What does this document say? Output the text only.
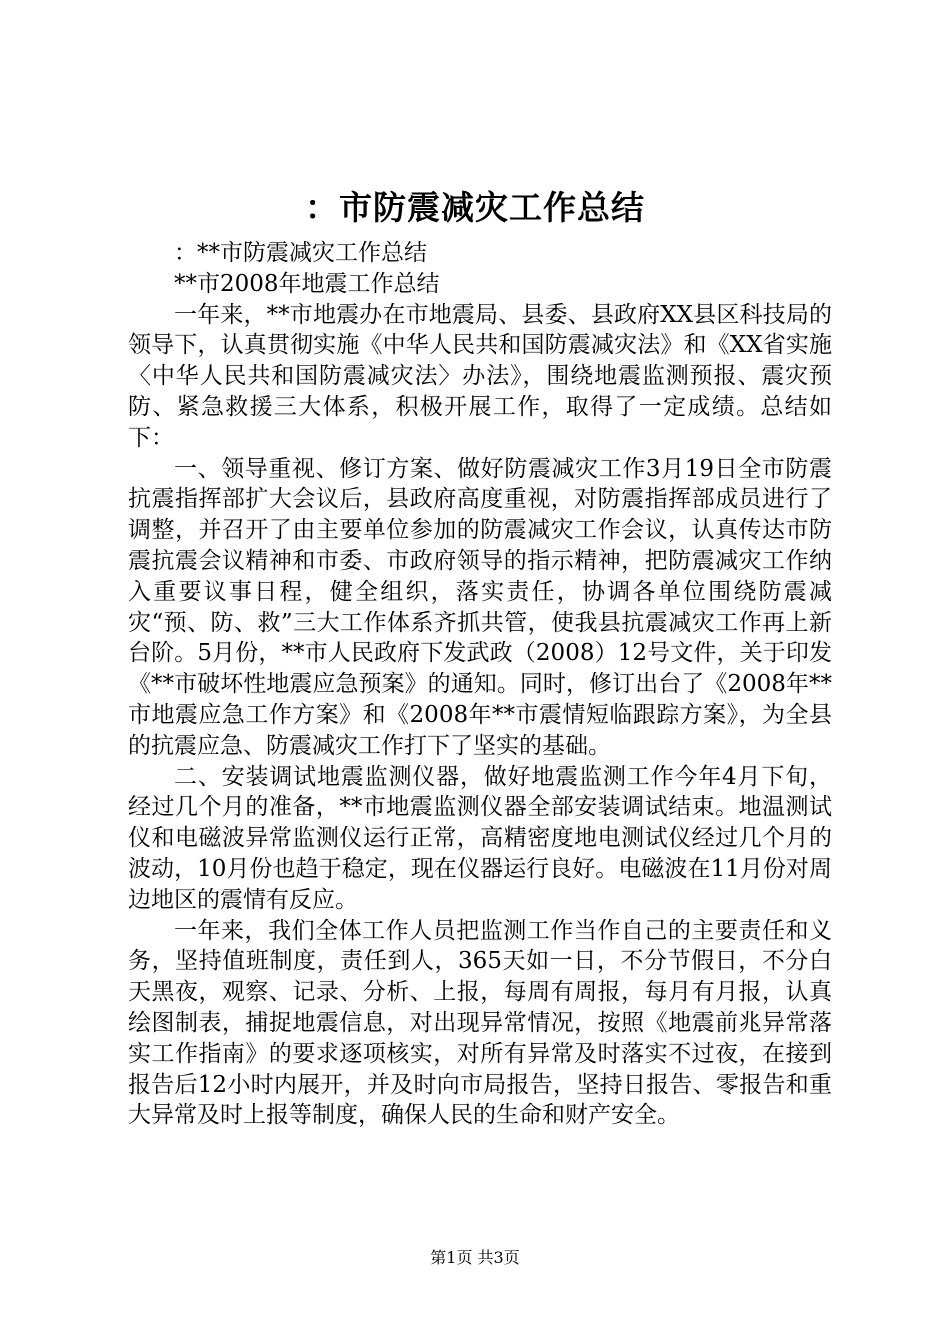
：市防震减灾工作总结

：**市防震减灾工作总结

**市2008年地震工作总结

一年来，**市地震办在市地震局、县委、县政府XX县区科技局的领导下，认真贯彻实施《中华人民共和国防震减灾法》和《XX省实施〈中华人民共和国防震减灾法〉办法》，围绕地震监测预报、震灾预防、紧急救援三大体系，积极开展工作，取得了一定成绩。总结如下：

一、领导重视、修订方案、做好防震减灾工作3月19日全市防震抗震指挥部扩大会议后，县政府高度重视，对防震指挥部成员进行了调整，并召开了由主要单位参加的防震减灾工作会议，认真传达市防震抗震会议精神和市委、市政府领导的指示精神，把防震减灾工作纳入重要议事日程，健全组织，落实责任，协调各单位围绕防震减灾“预、防、救”三大工作体系齐抓共管，使我县抗震减灾工作再上新台阶。5月份，**市人民政府下发武政（2008）12号文件，关于印发《**市破坏性地震应急预案》的通知。同时，修订出台了《2008年**市地震应急工作方案》和《2008年**市震情短临跟踪方案》，为全县的抗震应急、防震减灾工作打下了坚实的基础。

二、安装调试地震监测仪器，做好地震监测工作今年4月下旬，经过几个月的准备，**市地震监测仪器全部安装调试结束。地温测试仪和电磁波异常监测仪运行正常，高精密度地电测试仪经过几个月的波动，10月份也趋于稳定，现在仪器运行良好。电磁波在11月份对周边地区的震情有反应。

一年来，我们全体工作人员把监测工作当作自己的主要责任和义务，坚持值班制度，责任到人，365天如一日，不分节假日，不分白天黑夜，观察、记录、分析、上报，每周有周报，每月有月报，认真绘图制表，捕捉地震信息，对出现异常情况，按照《地震前兆异常落实工作指南》的要求逐项核实，对所有异常及时落实不过夜，在接到报告后12小时内展开，并及时向市局报告，坚持日报告、零报告和重大异常及时上报等制度，确保人民的生命和财产安全。

第1页 共3页
